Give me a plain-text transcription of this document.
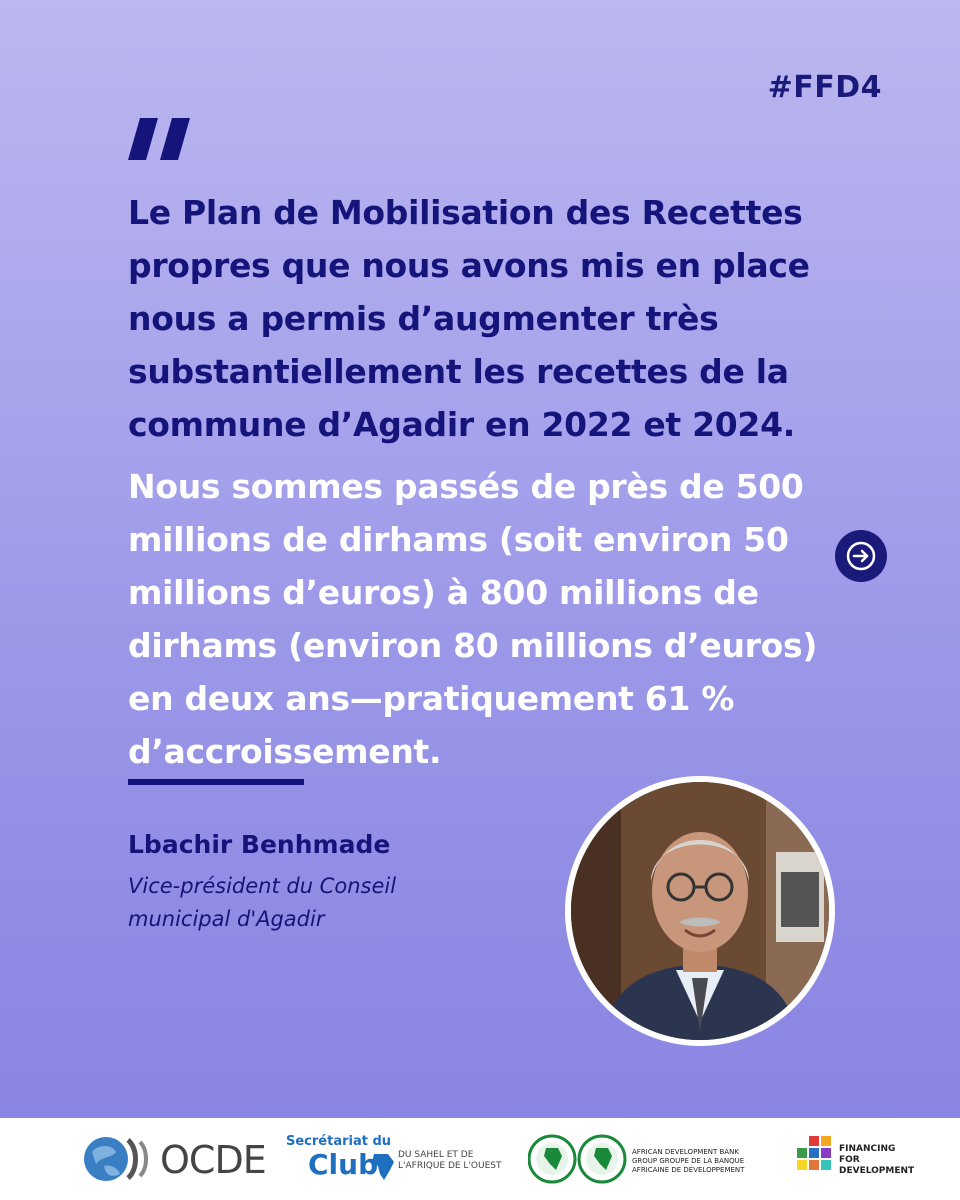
#FFD4

Le Plan de Mobilisation des Recettes propres que nous avons mis en place nous a permis d’augmenter très substantiellement les recettes de la commune d’Agadir en 2022 et 2024.

Nous sommes passés de près de 500 millions de dirhams (soit environ 50 millions d’euros) à 800 millions de dirhams (environ 80 millions d’euros) en deux ans—pratiquement 61 % d’accroissement.

Lbachir Benhmade
Vice-président du Conseil municipal d'Agadir
OCDE Secrétariat du
Club DU SAHEL ET DE L'AFRIQUE DE L'OUEST
AFRICAN DEVELOPMENT BANK GROUP GROUPE DE LA BANQUE AFRICAINE DE DÉVELOPPEMENT
FINANCING FOR DEVELOPMENT
